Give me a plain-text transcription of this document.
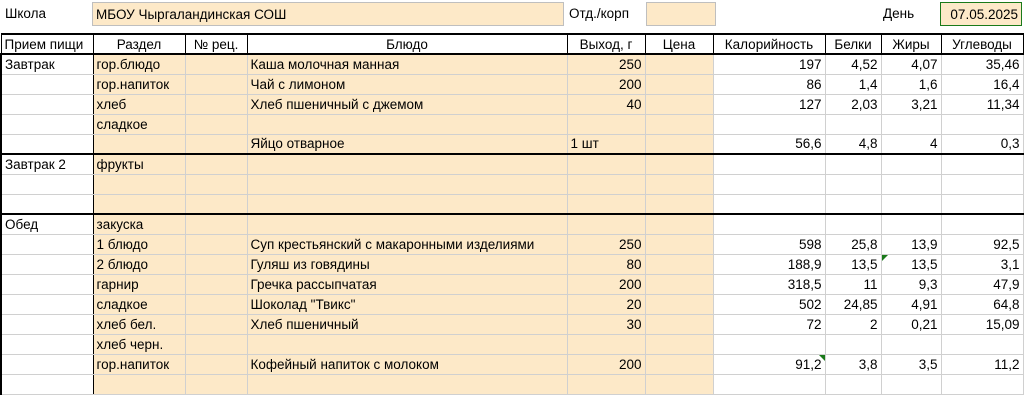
Школа	МБОУ Чыргаландинская СОШ	Отд./корп	День	07.05.2025
Прием пищи	Раздел	№ рец.	Блюдо	Выход, г	Цена	Калорийность	Белки	Жиры	Углеводы
Завтрак	гор.блюдо		Каша молочная манная	250		197	4,52	4,07	35,46
	гор.напиток		Чай с лимоном	200		86	1,4	1,6	16,4
	хлеб		Хлеб пшеничный с джемом	40		127	2,03	3,21	11,34
	сладкое								
			Яйцо отварное	1 шт		56,6	4,8	4	0,3
Завтрак 2	фрукты								

Обед	закуска								
	1 блюдо		Суп крестьянский с макаронными изделиями	250		598	25,8	13,9	92,5
	2 блюдо		Гуляш из говядины	80		188,9	13,5	13,5	3,1
	гарнир		Гречка рассыпчатая	200		318,5	11	9,3	47,9
	сладкое		Шоколад "Твикс"	20		502	24,85	4,91	64,8
	хлеб бел.		Хлеб пшеничный	30		72	2	0,21	15,09
	хлеб черн.								
	гор.напиток		Кофейный напиток с молоком	200		91,2	3,8	3,5	11,2
